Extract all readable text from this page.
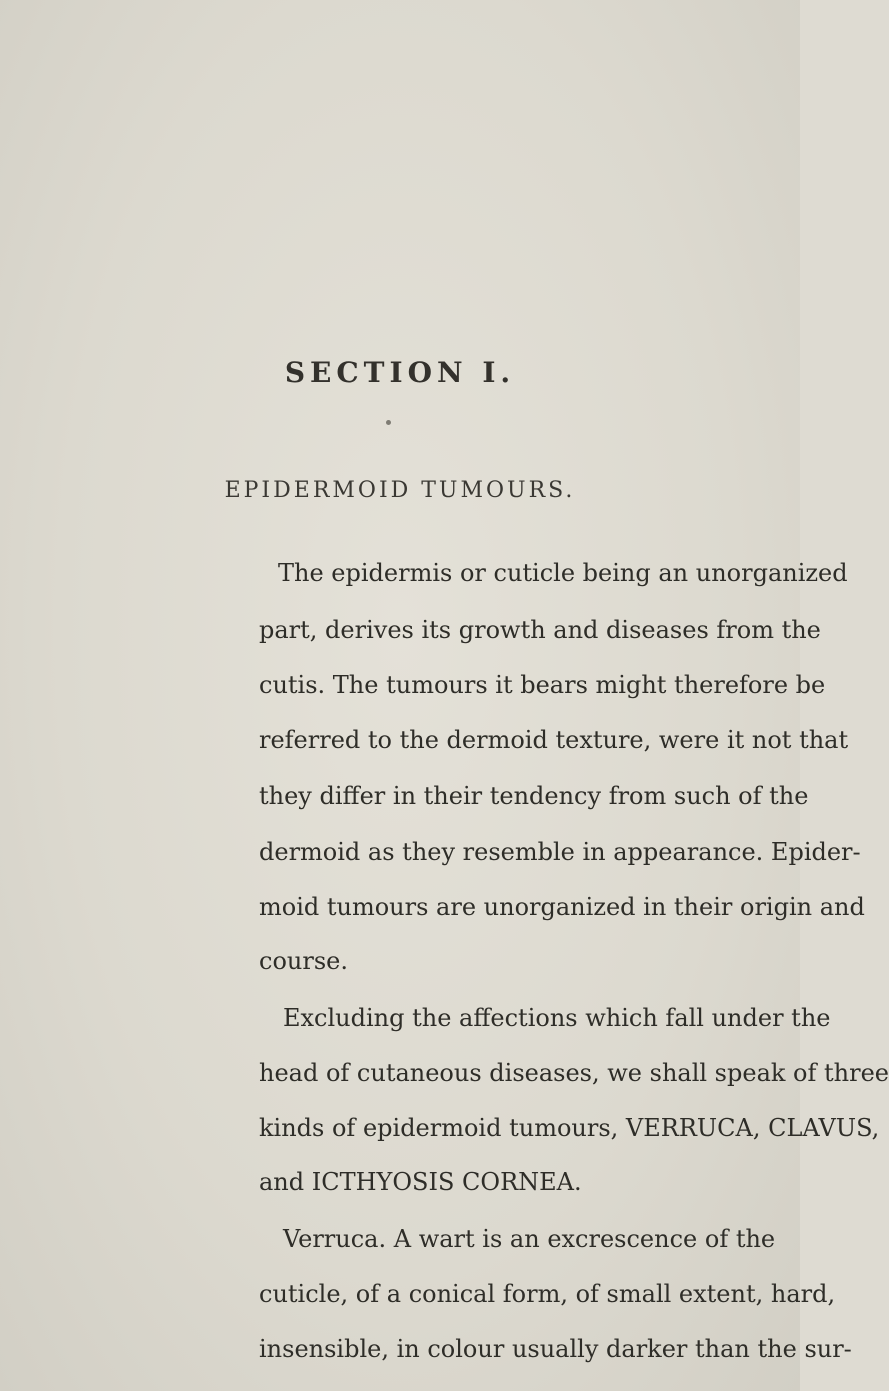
SECTION I.
EPIDERMOID TUMOURS.
The epidermis or cuticle being an unorganized
part, derives its growth and diseases from the
cutis. The tumours it bears might therefore be
referred to the dermoid texture, were it not that
they differ in their tendency from such of the
dermoid as they resemble in appearance. Epider-
moid tumours are unorganized in their origin and
course.
Excluding the affections which fall under the
head of cutaneous diseases, we shall speak of three
kinds of epidermoid tumours, VERRUCA, CLAVUS,
and ICTHYOSIS CORNEA.
Verruca. A wart is an excrescence of the
cuticle, of a conical form, of small extent, hard,
insensible, in colour usually darker than the sur-
